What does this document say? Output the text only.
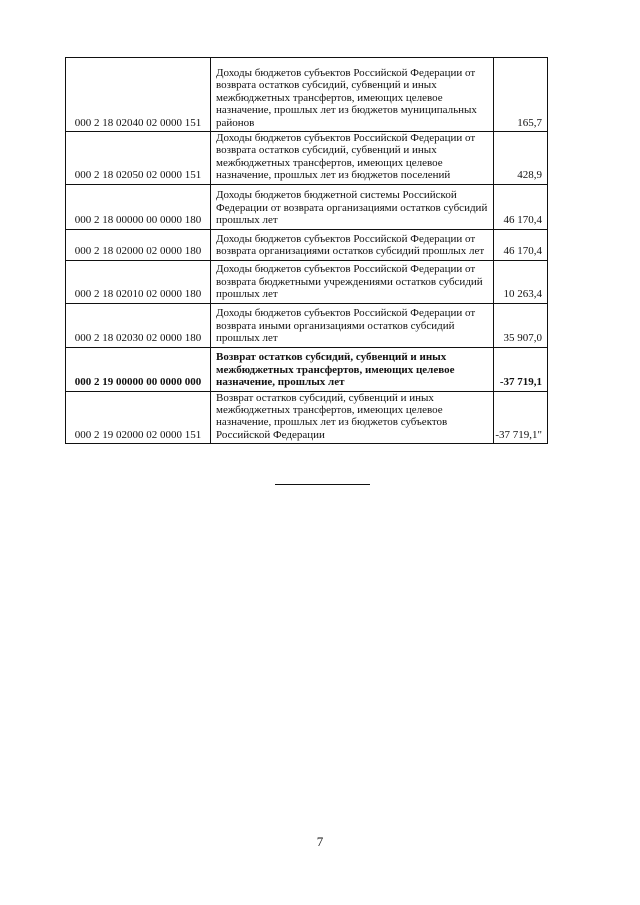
000 2 18 02040 02 0000 151	Доходы бюджетов субъектов Российской Федерации от
возврата остатков субсидий, субвенций и иных
межбюджетных трансфертов, имеющих целевое
назначение, прошлых лет из бюджетов муниципальных
районов	165,7
000 2 18 02050 02 0000 151	Доходы бюджетов субъектов Российской Федерации от
возврата остатков субсидий, субвенций и иных
межбюджетных трансфертов, имеющих целевое
назначение, прошлых лет из бюджетов поселений	428,9
000 2 18 00000 00 0000 180	Доходы бюджетов бюджетной системы Российской
Федерации от возврата организациями остатков субсидий
прошлых лет	46 170,4
000 2 18 02000 02 0000 180	Доходы бюджетов субъектов Российской Федерации от
возврата организациями остатков субсидий прошлых лет	46 170,4
000 2 18 02010 02 0000 180	Доходы бюджетов субъектов Российской Федерации от
возврата бюджетными учреждениями остатков субсидий
прошлых лет	10 263,4
000 2 18 02030 02 0000 180	Доходы бюджетов субъектов Российской Федерации от
возврата иными организациями остатков субсидий
прошлых лет	35 907,0
000 2 19 00000 00 0000 000	Возврат остатков субсидий, субвенций и иных
межбюджетных трансфертов, имеющих целевое
назначение, прошлых лет	-37 719,1
000 2 19 02000 02 0000 151	Возврат остатков субсидий, субвенций и иных
межбюджетных трансфертов, имеющих целевое
назначение, прошлых лет из бюджетов субъектов
Российской Федерации	-37 719,1"
7
